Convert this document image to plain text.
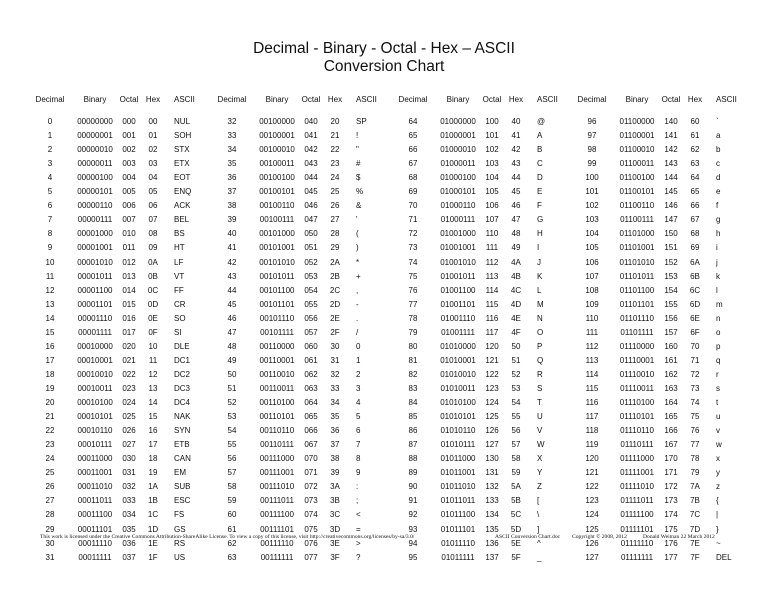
Decimal - Binary - Octal - Hex – ASCII
Conversion Chart
Decimal	Binary	Octal Hex	ASCII	Decimal	Binary	Octal Hex	ASCII	Decimal	Binary	Octal Hex	ASCII	Decimal	Binary	Octal Hex	ASCII
0	00000000	000	00	NUL	32	00100000	040	20	SP	64	01000000	100	40	@	96	01100000	140	60	`
1	00000001	001	01	SOH	33	00100001	041	21	!	65	01000001	101	41	A	97	01100001	141	61	a
2	00000010	002	02	STX	34	00100010	042	22	"	66	01000010	102	42	B	98	01100010	142	62	b
3	00000011	003	03	ETX	35	00100011	043	23	#	67	01000011	103	43	C	99	01100011	143	63	c
4	00000100	004	04	EOT	36	00100100	044	24	$	68	01000100	104	44	D	100	01100100	144	64	d
5	00000101	005	05	ENQ	37	00100101	045	25	%	69	01000101	105	45	E	101	01100101	145	65	e
6	00000110	006	06	ACK	38	00100110	046	26	&	70	01000110	106	46	F	102	01100110	146	66	f
7	00000111	007	07	BEL	39	00100111	047	27	'	71	01000111	107	47	G	103	01100111	147	67	g
8	00001000	010	08	BS	40	00101000	050	28	(	72	01001000	110	48	H	104	01101000	150	68	h
9	00001001	011	09	HT	41	00101001	051	29	)	73	01001001	111	49	I	105	01101001	151	69	i
10	00001010	012	0A	LF	42	00101010	052	2A	*	74	01001010	112	4A	J	106	01101010	152	6A	j
11	00001011	013	0B	VT	43	00101011	053	2B	+	75	01001011	113	4B	K	107	01101011	153	6B	k
12	00001100	014	0C	FF	44	00101100	054	2C	,	76	01001100	114	4C	L	108	01101100	154	6C	l
13	00001101	015	0D	CR	45	00101101	055	2D	-	77	01001101	115	4D	M	109	01101101	155	6D	m
14	00001110	016	0E	SO	46	00101110	056	2E	.	78	01001110	116	4E	N	110	01101110	156	6E	n
15	00001111	017	0F	SI	47	00101111	057	2F	/	79	01001111	117	4F	O	111	01101111	157	6F	o
16	00010000	020	10	DLE	48	00110000	060	30	0	80	01010000	120	50	P	112	01110000	160	70	p
17	00010001	021	11	DC1	49	00110001	061	31	1	81	01010001	121	51	Q	113	01110001	161	71	q
18	00010010	022	12	DC2	50	00110010	062	32	2	82	01010010	122	52	R	114	01110010	162	72	r
19	00010011	023	13	DC3	51	00110011	063	33	3	83	01010011	123	53	S	115	01110011	163	73	s
20	00010100	024	14	DC4	52	00110100	064	34	4	84	01010100	124	54	T	116	01110100	164	74	t
21	00010101	025	15	NAK	53	00110101	065	35	5	85	01010101	125	55	U	117	01110101	165	75	u
22	00010110	026	16	SYN	54	00110110	066	36	6	86	01010110	126	56	V	118	01110110	166	76	v
23	00010111	027	17	ETB	55	00110111	067	37	7	87	01010111	127	57	W	119	01110111	167	77	w
24	00011000	030	18	CAN	56	00111000	070	38	8	88	01011000	130	58	X	120	01111000	170	78	x
25	00011001	031	19	EM	57	00111001	071	39	9	89	01011001	131	59	Y	121	01111001	171	79	y
26	00011010	032	1A	SUB	58	00111010	072	3A	:	90	01011010	132	5A	Z	122	01111010	172	7A	z
27	00011011	033	1B	ESC	59	00111011	073	3B	;	91	01011011	133	5B	[	123	01111011	173	7B	{
28	00011100	034	1C	FS	60	00111100	074	3C	<	92	01011100	134	5C	\	124	01111100	174	7C	|
29	00011101	035	1D	GS	61	00111101	075	3D	=	93	01011101	135	5D	]	125	01111101	175	7D	}
30	00011110	036	1E	RS	62	00111110	076	3E	>	94	01011110	136	5E	^	126	01111110	176	7E	~
31	00011111	037	1F	US	63	00111111	077	3F	?	95	01011111	137	5F	_	127	01111111	177	7F	DEL
This work is licensed under the Creative Commons Attribution-ShareAlike License. To view a copy of this license, visit http://creativecommons.org/licenses/by-sa/3.0/	ASCII Conversion Chart.doc Copyright © 2008, 2012	Donald Weiman 22 March 2012
